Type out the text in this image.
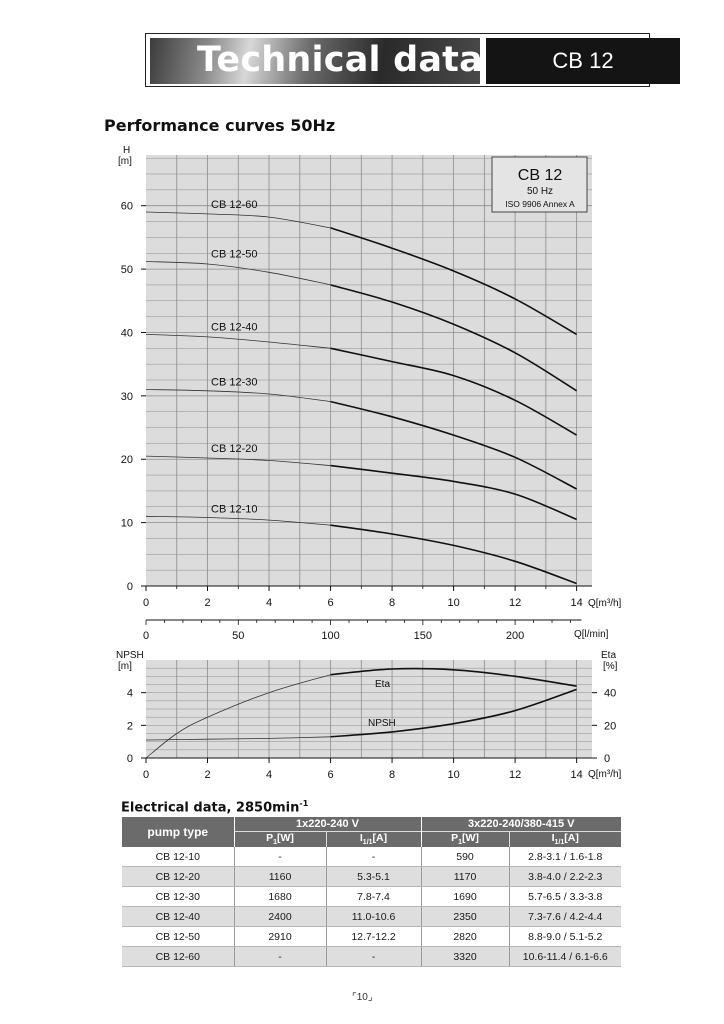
Technical data	CB 12
Performance curves 50Hz
0	2	4	6	8	10	12	14
0
10
20
30
40
50
60	CB 12-60
CB 12-50
CB 12-40
CB 12-30
CB 12-20
CB 12-10
CB 12
50 Hz
ISO 9906 Annex A
H
[m]
Q[m³/h]
Q[l/min]
0	50	100	150	200
0	2	4	6	8	10	12	14
0
2
4
0
20
40
NPSH
[m]
Eta
[%]
Q[m³/h]
Eta
NPSH
Electrical data, $2850\min^{-1}$
pump type	1x220-240 V		3x220-240/380-415 V	
	$P_1[W]$	$I_{1/1}[A]$	$P_1[W]$	$I_{1/1}[A]$
CB 12-10	-	-	590	2.8-3.1 / 1.6-1.8
CB 12-20	1160	5.3-5.1	1170	3.8-4.0 / 2.2-2.3
CB 12-30	1680	7.8-7.4	1690	5.7-6.5 / 3.3-3.8
CB 12-40	2400	11.0-10.6	2350	7.3-7.6 / 4.2-4.4
CB 12-50	2910	12.7-12.2	2820	8.8-9.0 / 5.1-5.2
CB 12-60	-	-	3320	10.6-11.4 / 6.1-6.6
⌜10⌟
